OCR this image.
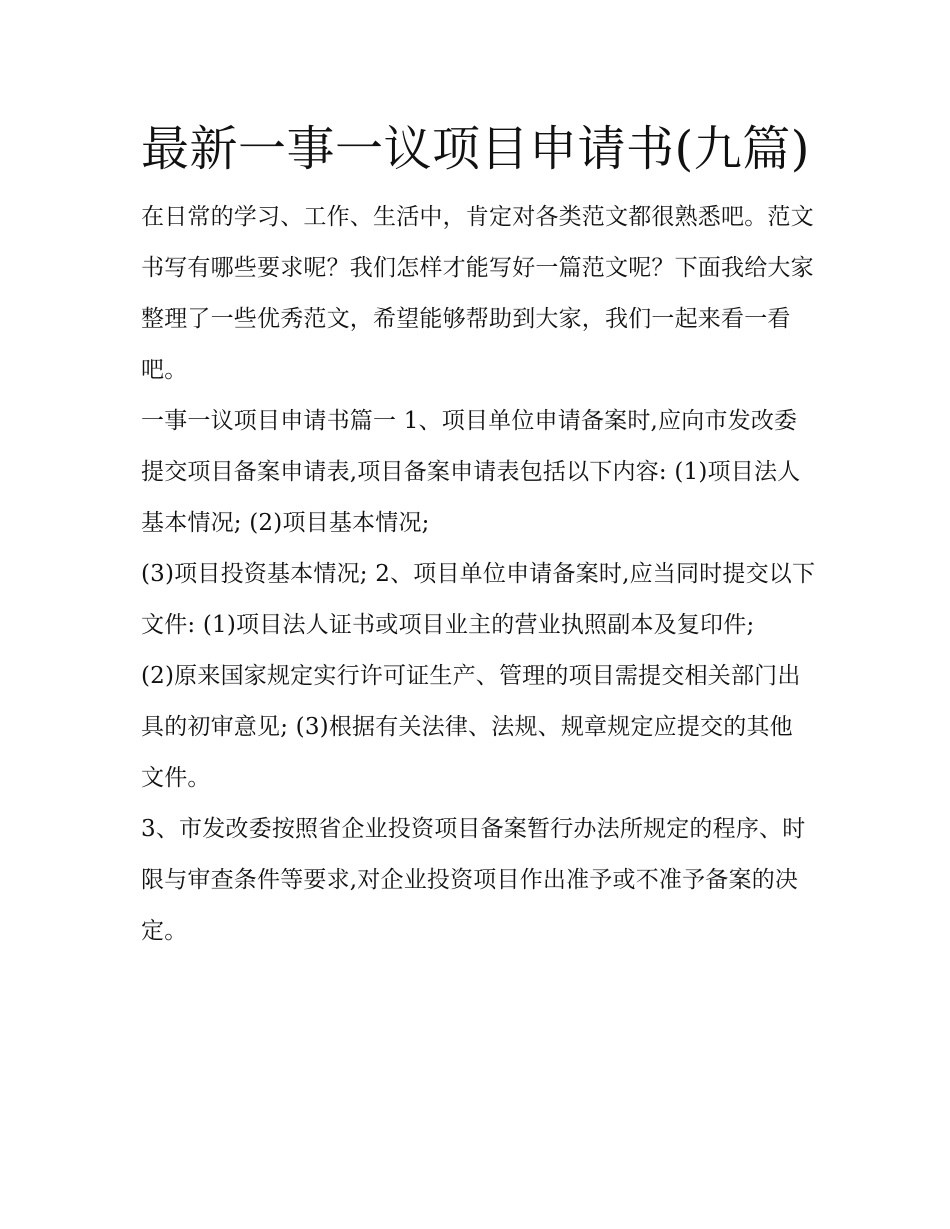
最新一事一议项目申请书(九篇)

在日常的学习、工作、生活中，肯定对各类范文都很熟悉吧。范文书写有哪些要求呢？我们怎样才能写好一篇范文呢？下面我给大家整理了一些优秀范文，希望能够帮助到大家，我们一起来看一看吧。

一事一议项目申请书篇一 1、项目单位申请备案时,应向市发改委提交项目备案申请表,项目备案申请表包括以下内容: (1)项目法人基本情况; (2)项目基本情况;

(3)项目投资基本情况; 2、项目单位申请备案时,应当同时提交以下文件: (1)项目法人证书或项目业主的营业执照副本及复印件;

(2)原来国家规定实行许可证生产、管理的项目需提交相关部门出具的初审意见; (3)根据有关法律、法规、规章规定应提交的其他文件。

3、市发改委按照省企业投资项目备案暂行办法所规定的程序、时限与审查条件等要求,对企业投资项目作出准予或不准予备案的决定。
